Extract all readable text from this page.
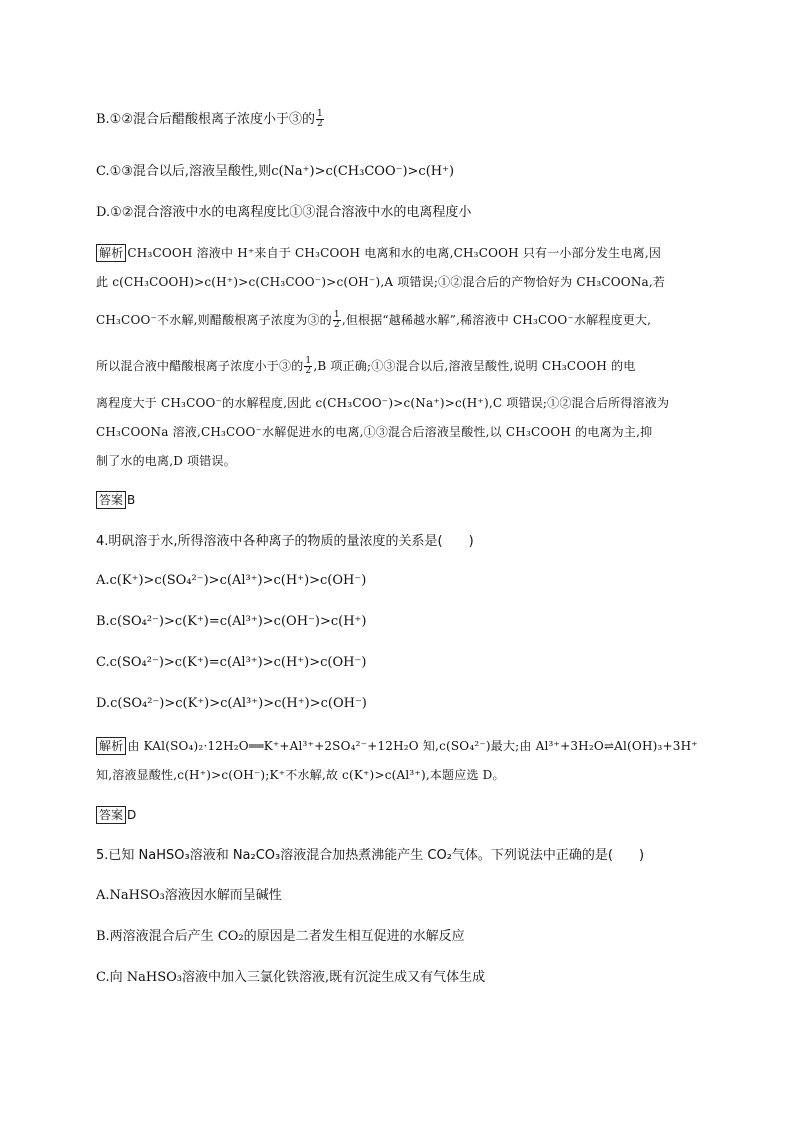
B.①②混合后醋酸根离子浓度小于③的 $\frac{1}{2}$
C.①③混合以后,溶液呈酸性,则c(Na⁺)>c(CH₃COO⁻)>c(H⁺)
D.①②混合溶液中水的电离程度比①③混合溶液中水的电离程度小
解析 CH₃COOH 溶液中 H⁺来自于 CH₃COOH 电离和水的电离,CH₃COOH 只有一小部分发生电离,因
此 c(CH₃COOH)>c(H⁺)>c(CH₃COO⁻)>c(OH⁻),A 项错误;①②混合后的产物恰好为 CH₃COONa,若
CH₃COO⁻不水解,则醋酸根离子浓度为③的 $\frac{1}{2}$ ,但根据“越稀越水解”,稀溶液中 CH₃COO⁻水解程度更大,
所以混合液中醋酸根离子浓度小于③的 $\frac{1}{2} ,B$ 项正确;①③混合以后,溶液呈酸性,说明 CH₃COOH 的电
离程度大于 CH₃COO⁻的水解程度,因此 c(CH₃COO⁻)>c(Na⁺)>c(H⁺),C 项错误;①②混合后所得溶液为
CH₃COONa 溶液,CH₃COO⁻水解促进水的电离,①③混合后溶液呈酸性,以 CH₃COOH 的电离为主,抑
制了水的电离,D 项错误。
答案 B
4.明矾溶于水,所得溶液中各种离子的物质的量浓度的关系是(　　)
A.c(K⁺)>c(SO₄²⁻)>c(Al³⁺)>c(H⁺)>c(OH⁻)
B.c(SO₄²⁻)>c(K⁺)=c(Al³⁺)>c(OH⁻)>c(H⁺)
C.c(SO₄²⁻)>c(K⁺)=c(Al³⁺)>c(H⁺)>c(OH⁻)
D.c(SO₄²⁻)>c(K⁺)>c(Al³⁺)>c(H⁺)>c(OH⁻)
解析 由 KAl(SO₄)₂·12H₂O══K⁺+Al³⁺+2SO₄²⁻+12H₂O 知,c(SO₄²⁻)最大;由 Al³⁺+3H₂O⇌Al(OH)₃+3H⁺
知,溶液显酸性,c(H⁺)>c(OH⁻);K⁺不水解,故 c(K⁺)>c(Al³⁺),本题应选 D。
答案 D
5.已知 NaHSO₃溶液和 Na₂CO₃溶液混合加热煮沸能产生 CO₂气体。下列说法中正确的是(　　)
A.NaHSO₃溶液因水解而呈碱性
B.两溶液混合后产生 CO₂的原因是二者发生相互促进的水解反应
C.向 NaHSO₃溶液中加入三氯化铁溶液,既有沉淀生成又有气体生成
